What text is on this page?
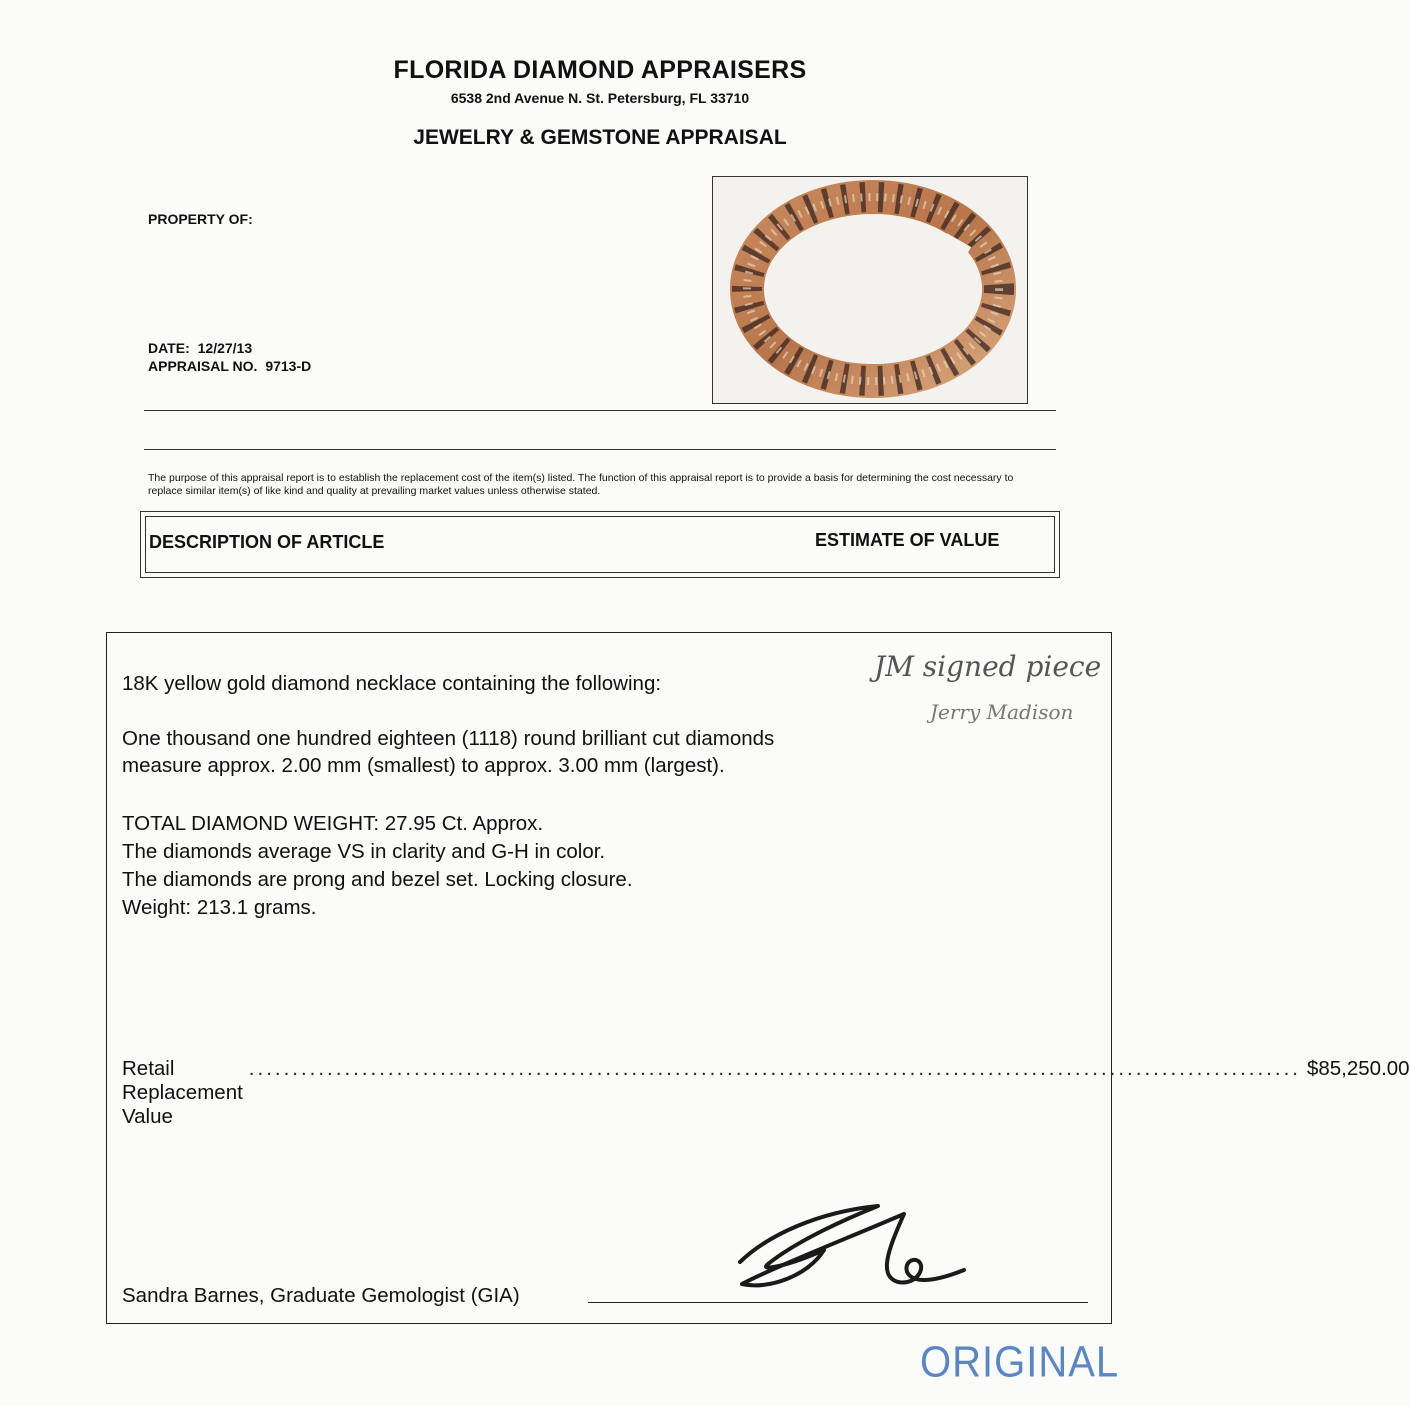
FLORIDA DIAMOND APPRAISERS
6538 2nd Avenue N. St. Petersburg, FL 33710
JEWELRY & GEMSTONE APPRAISAL
PROPERTY OF:
DATE: 12/27/13
APPRAISAL NO. 9713-D
The purpose of this appraisal report is to establish the replacement cost of the item(s) listed. The function of this appraisal report is to provide a basis for determining the cost necessary to replace similar item(s) of like kind and quality at prevailing market values unless otherwise stated.
DESCRIPTION OF ARTICLE	ESTIMATE OF VALUE
18K yellow gold diamond necklace containing the following:
One thousand one hundred eighteen (1118) round brilliant cut diamonds
measure approx. 2.00 mm (smallest) to approx. 3.00 mm (largest).
TOTAL DIAMOND WEIGHT: 27.95 Ct. Approx.
The diamonds average VS in clarity and G-H in color.
The diamonds are prong and bezel set. Locking closure.
Weight: 213.1 grams.
Retail Replacement Value
......................................................................................................................... $85,250.00
Sandra Barnes, Graduate Gemologist (GIA)
JM signed piece
Jerry Madison
ORIGINAL
